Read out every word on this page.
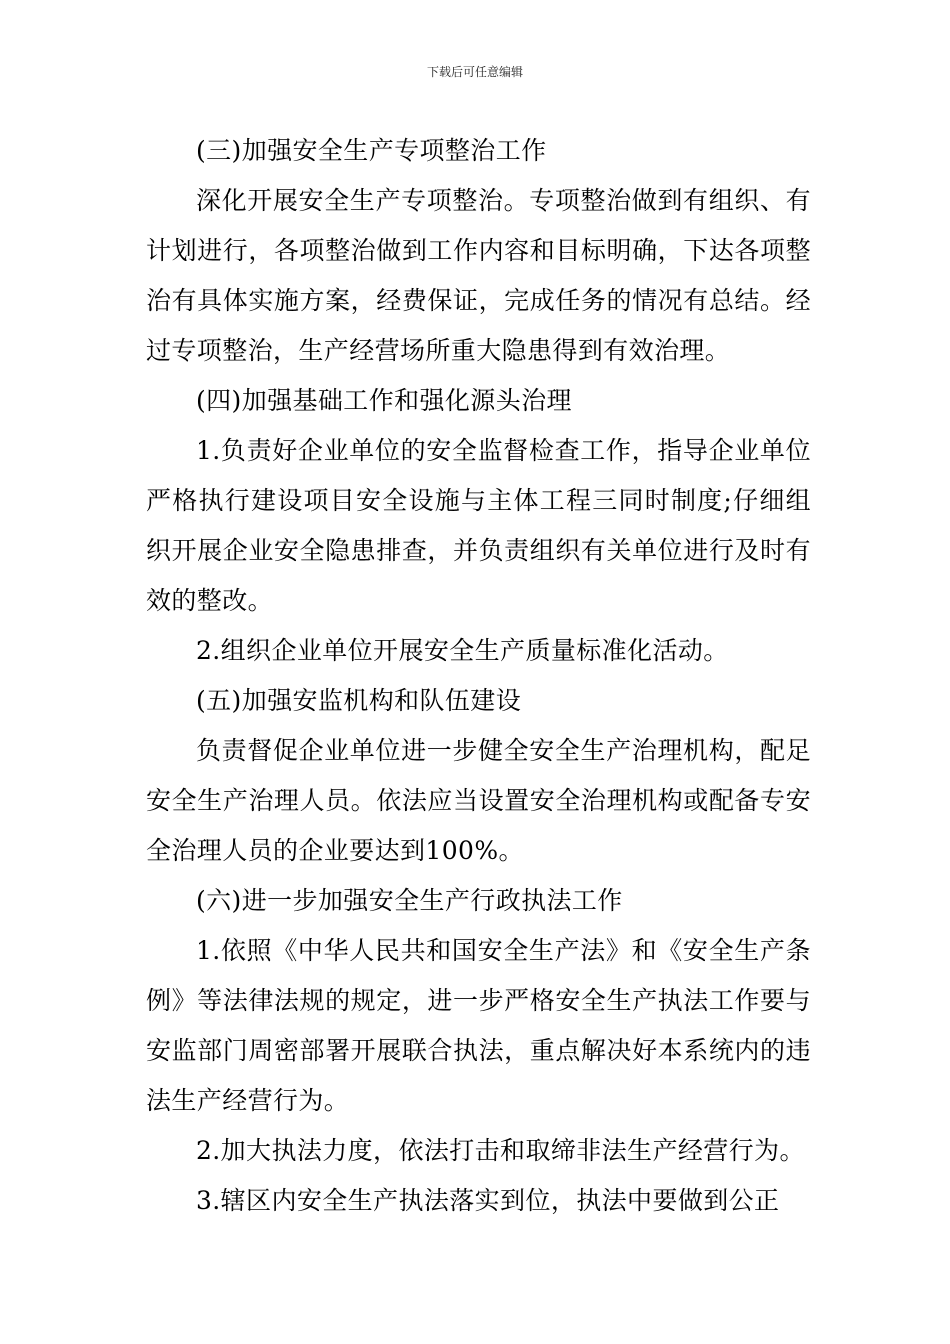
下载后可任意编辑

(三)加强安全生产专项整治工作

深化开展安全生产专项整治。专项整治做到有组织、有计划进行，各项整治做到工作内容和目标明确，下达各项整治有具体实施方案，经费保证，完成任务的情况有总结。经过专项整治，生产经营场所重大隐患得到有效治理。

(四)加强基础工作和强化源头治理

1.负责好企业单位的安全监督检查工作，指导企业单位严格执行建设项目安全设施与主体工程三同时制度;仔细组织开展企业安全隐患排查，并负责组织有关单位进行及时有效的整改。

2.组织企业单位开展安全生产质量标准化活动。

(五)加强安监机构和队伍建设

负责督促企业单位进一步健全安全生产治理机构，配足安全生产治理人员。依法应当设置安全治理机构或配备专安全治理人员的企业要达到100%。

(六)进一步加强安全生产行政执法工作

1.依照《中华人民共和国安全生产法》和《安全生产条例》等法律法规的规定，进一步严格安全生产执法工作要与安监部门周密部署开展联合执法，重点解决好本系统内的违法生产经营行为。

2.加大执法力度，依法打击和取缔非法生产经营行为。

3.辖区内安全生产执法落实到位，执法中要做到公正
